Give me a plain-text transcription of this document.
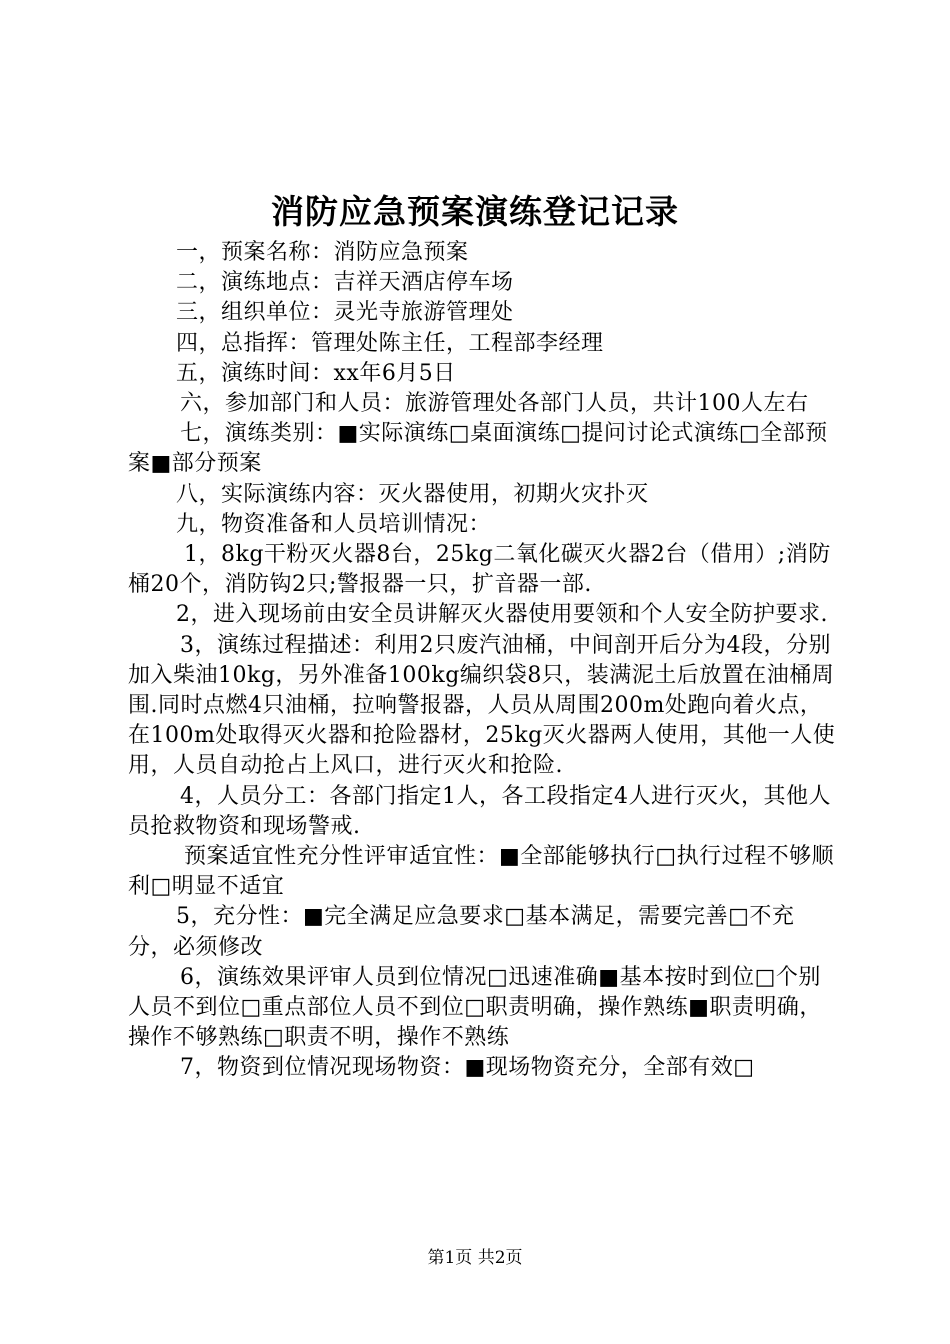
消防应急预案演练登记记录

一，预案名称：消防应急预案

二，演练地点：吉祥天酒店停车场

三，组织单位：灵光寺旅游管理处

四，总指挥：管理处陈主任，工程部李经理

五，演练时间：xx年6月5日

六，参加部门和人员：旅游管理处各部门人员，共计100人左右

七，演练类别：■实际演练□桌面演练□提问讨论式演练□全部预案■部分预案

八，实际演练内容：灭火器使用，初期火灾扑灭

九，物资准备和人员培训情况：

1，8kg干粉灭火器8台，25kg二氧化碳灭火器2台（借用）;消防桶20个，消防钩2只;警报器一只，扩音器一部.

2，进入现场前由安全员讲解灭火器使用要领和个人安全防护要求.

3，演练过程描述：利用2只废汽油桶，中间剖开后分为4段，分别加入柴油10kg，另外准备100kg编织袋8只，装满泥土后放置在油桶周围.同时点燃4只油桶，拉响警报器，人员从周围200m处跑向着火点，在100m处取得灭火器和抢险器材，25kg灭火器两人使用，其他一人使用，人员自动抢占上风口，进行灭火和抢险.

4，人员分工：各部门指定1人，各工段指定4人进行灭火，其他人员抢救物资和现场警戒.

预案适宜性充分性评审适宜性：■全部能够执行□执行过程不够顺利□明显不适宜

5，充分性：■完全满足应急要求□基本满足，需要完善□不充分，必须修改

6，演练效果评审人员到位情况□迅速准确■基本按时到位□个别人员不到位□重点部位人员不到位□职责明确，操作熟练■职责明确，操作不够熟练□职责不明，操作不熟练

7，物资到位情况现场物资：■现场物资充分，全部有效□

第1页 共2页
